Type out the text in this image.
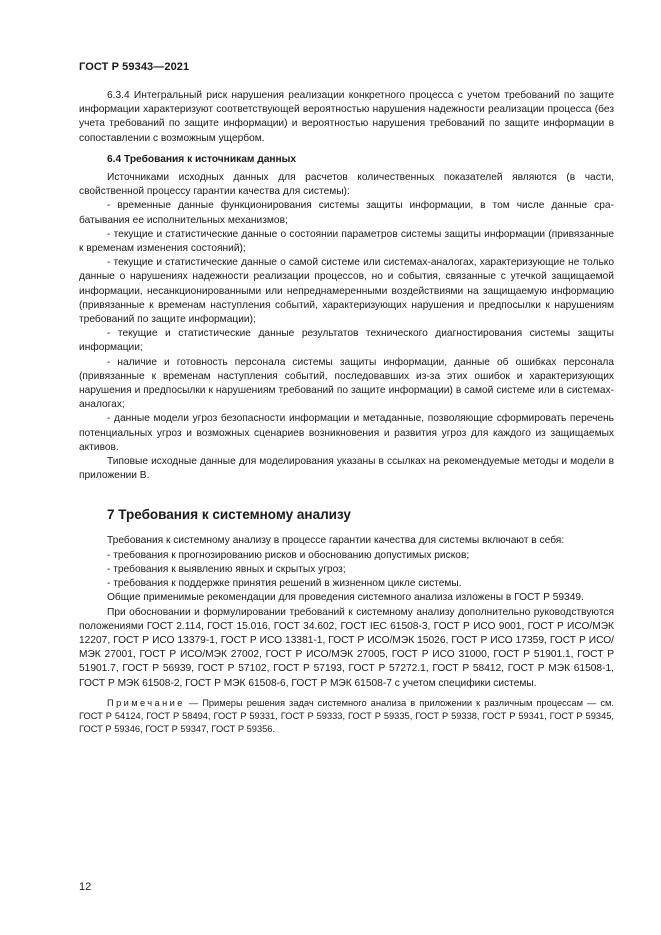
ГОСТ Р 59343—2021

6.3.4 Интегральный риск нарушения реализации конкретного процесса с учетом требований по защите информации характеризуют соответствующей вероятностью нарушения надежности реализации процесса (без учета требований по защите информации) и вероятностью нарушения требований по защите информации в сопоставлении с возможным ущербом.

6.4 Требования к источникам данных

Источниками исходных данных для расчетов количественных показателей являются (в части, свойственной процессу гарантии качества для системы):

- временные данные функционирования системы защиты информации, в том числе данные срабатывания ее исполнительных механизмов;

- текущие и статистические данные о состоянии параметров системы защиты информации (привязанные к временам изменения состояний);

- текущие и статистические данные о самой системе или системах-аналогах, характеризующие не только данные о нарушениях надежности реализации процессов, но и события, связанные с утечкой защищаемой информации, несанкционированными или непреднамеренными воздействиями на защищаемую информацию (привязанные к временам наступления событий, характеризующих нарушения и предпосылки к нарушениям требований по защите информации);

- текущие и статистические данные результатов технического диагностирования системы защиты информации;

- наличие и готовность персонала системы защиты информации, данные об ошибках персонала (привязанные к временам наступления событий, последовавших из-за этих ошибок и характеризующих нарушения и предпосылки к нарушениям требований по защите информации) в самой системе или в системах-аналогах;

- данные модели угроз безопасности информации и метаданные, позволяющие сформировать перечень потенциальных угроз и возможных сценариев возникновения и развития угроз для каждого из защищаемых активов.

Типовые исходные данные для моделирования указаны в ссылках на рекомендуемые методы и модели в приложении В.

7 Требования к системному анализу

Требования к системному анализу в процессе гарантии качества для системы включают в себя:

- требования к прогнозированию рисков и обоснованию допустимых рисков;

- требования к выявлению явных и скрытых угроз;

- требования к поддержке принятия решений в жизненном цикле системы.

Общие применимые рекомендации для проведения системного анализа изложены в ГОСТ Р 59349.

При обосновании и формулировании требований к системному анализу дополнительно руководствуются положениями ГОСТ 2.114, ГОСТ 15.016, ГОСТ 34.602, ГОСТ IEC 61508-3, ГОСТ Р ИСО 9001, ГОСТ Р ИСО/МЭК 12207, ГОСТ Р ИСО 13379-1, ГОСТ Р ИСО 13381-1, ГОСТ Р ИСО/МЭК 15026, ГОСТ Р ИСО 17359, ГОСТ Р ИСО/МЭК 27001, ГОСТ Р ИСО/МЭК 27002, ГОСТ Р ИСО/МЭК 27005, ГОСТ Р ИСО 31000, ГОСТ Р 51901.1, ГОСТ Р 51901.7, ГОСТ Р 56939, ГОСТ Р 57102, ГОСТ Р 57193, ГОСТ Р 57272.1, ГОСТ Р 58412, ГОСТ Р МЭК 61508-1, ГОСТ Р МЭК 61508-2, ГОСТ Р МЭК 61508-6, ГОСТ Р МЭК 61508-7 с учетом специфики системы.

Примечание — Примеры решения задач системного анализа в приложении к различным процессам — см. ГОСТ Р 54124, ГОСТ Р 58494, ГОСТ Р 59331, ГОСТ Р 59333, ГОСТ Р 59335, ГОСТ Р 59338, ГОСТ Р 59341, ГОСТ Р 59345, ГОСТ Р 59346, ГОСТ Р 59347, ГОСТ Р 59356.

12
